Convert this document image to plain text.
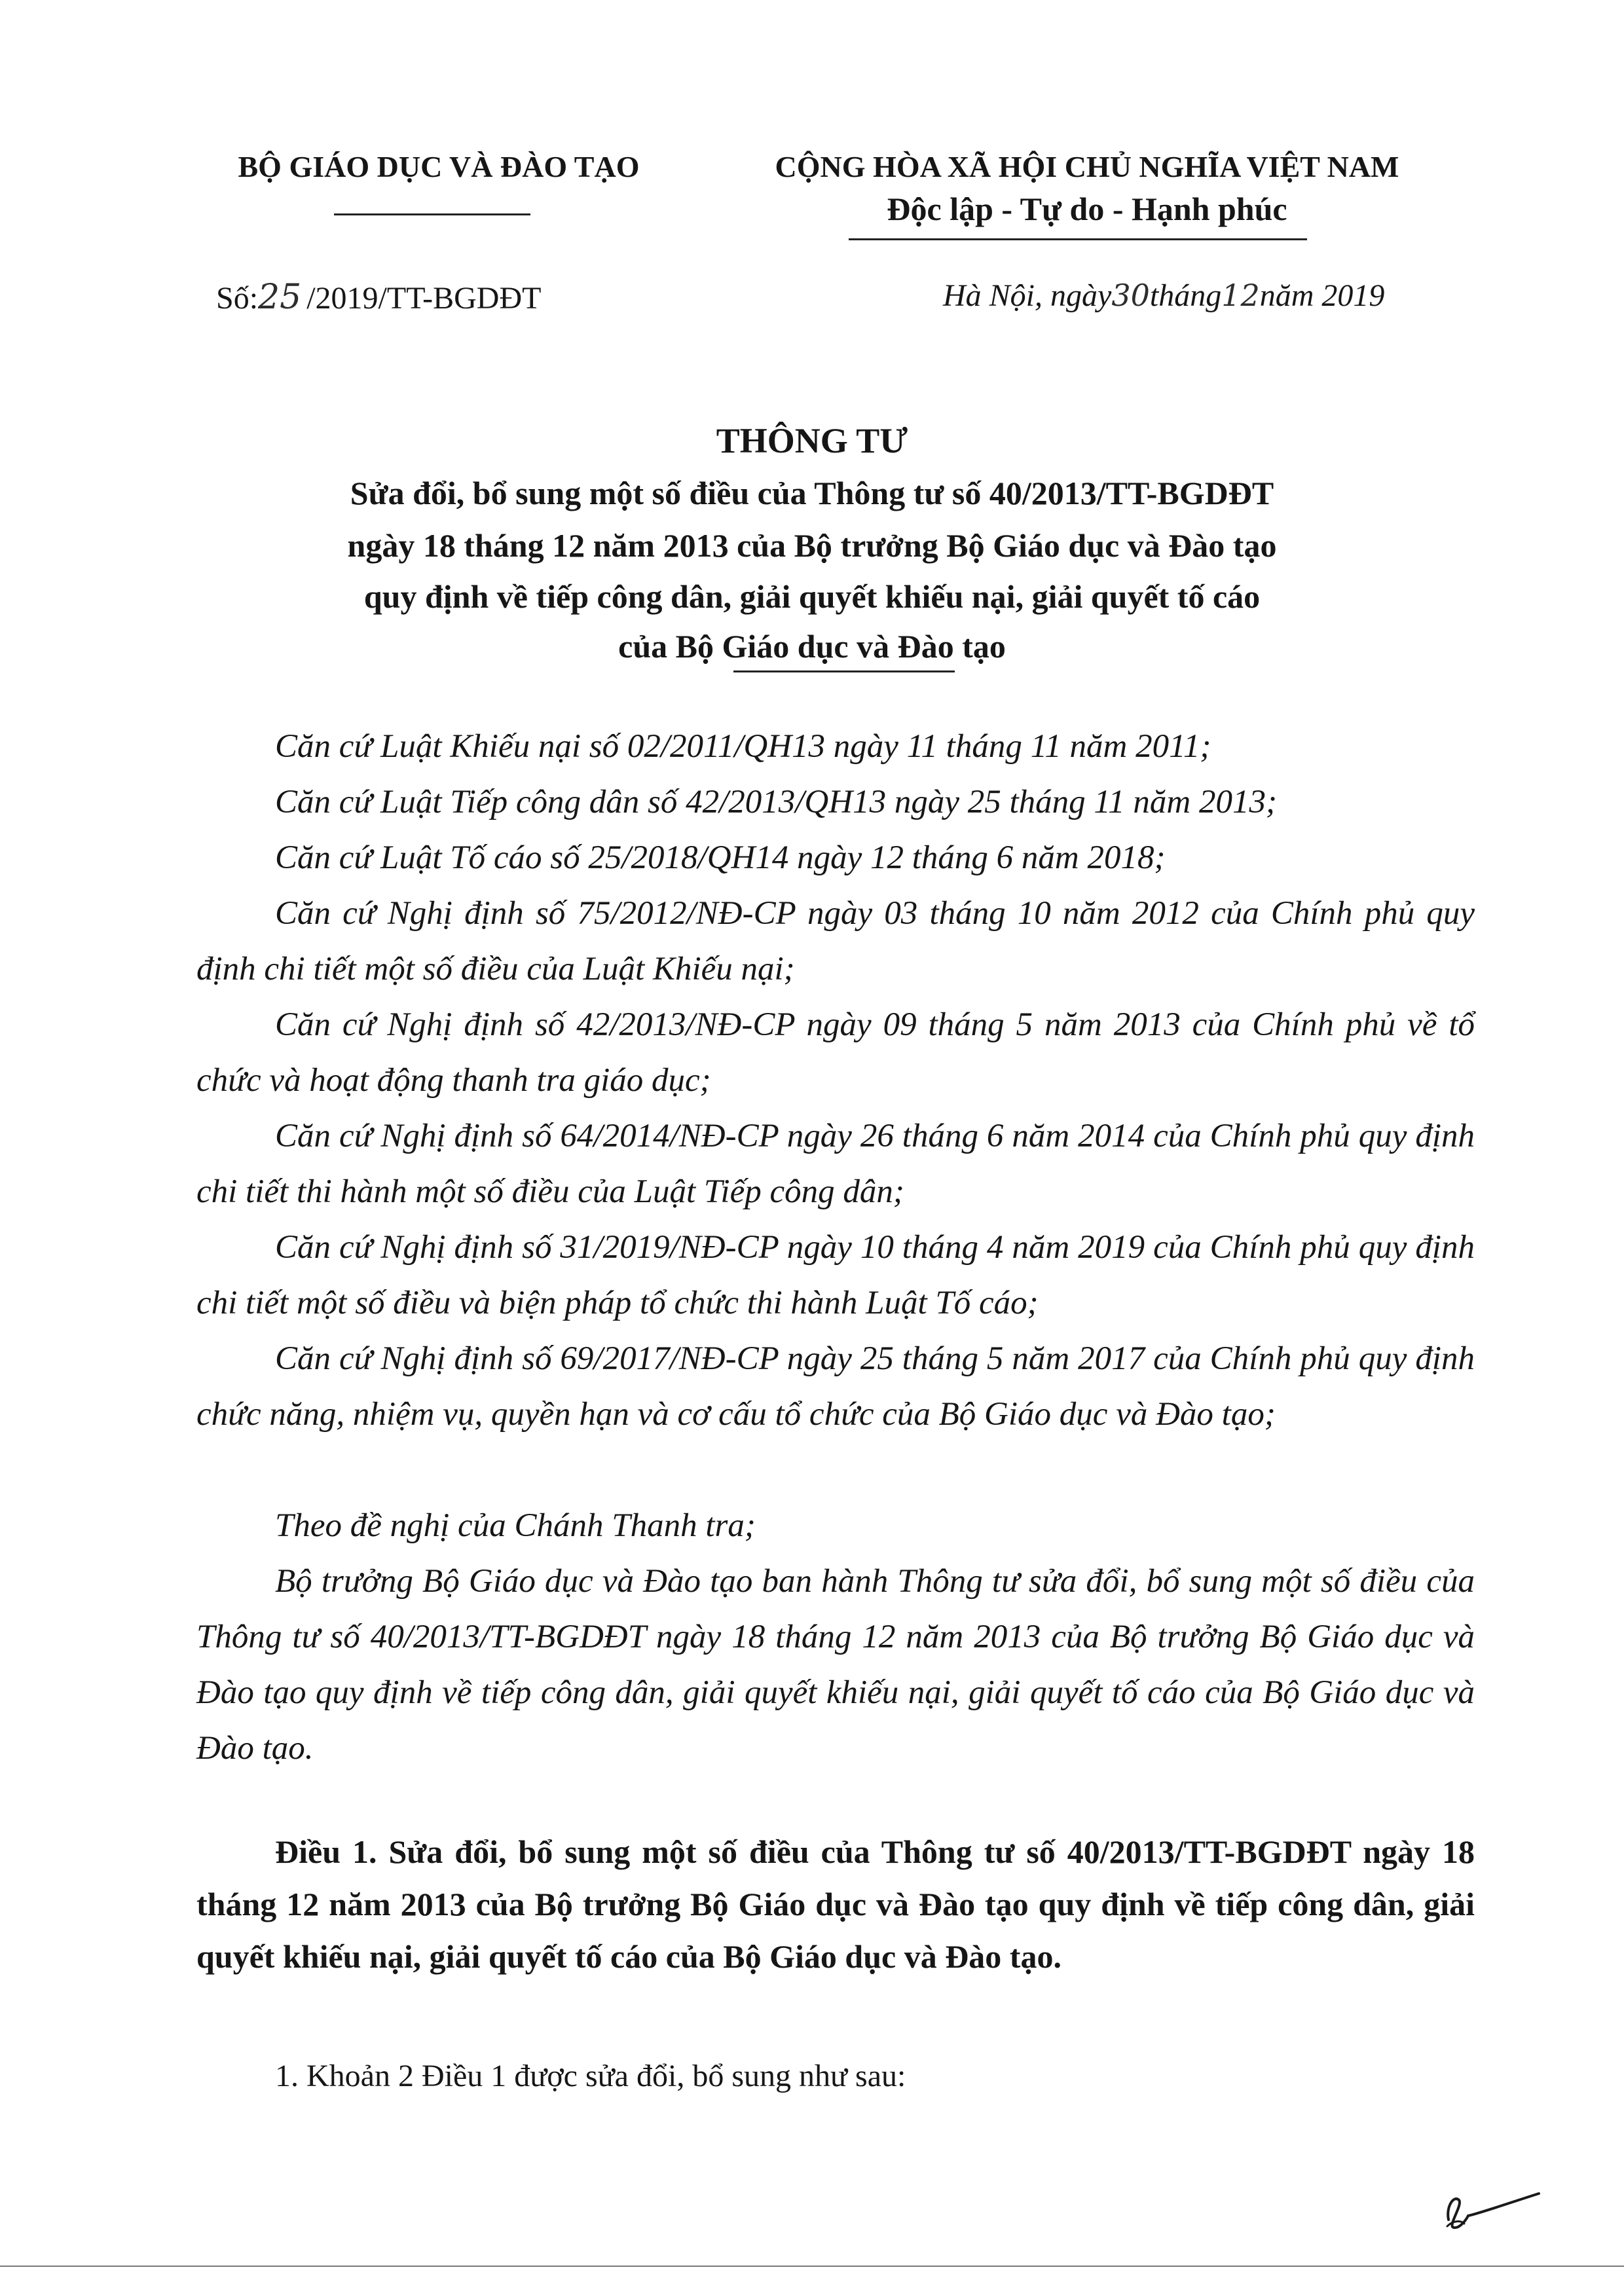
BỘ GIÁO DỤC VÀ ĐÀO TẠO	CỘNG HÒA XÃ HỘI CHỦ NGHĨA VIỆT NAM
Độc lập - Tự do - Hạnh phúc
Số:25 /2019/TT-BGDĐT	Hà Nội, ngày30tháng12năm 2019
THÔNG TƯ
Sửa đổi, bổ sung một số điều của Thông tư số 40/2013/TT-BGDĐT
ngày 18 tháng 12 năm 2013 của Bộ trưởng Bộ Giáo dục và Đào tạo
quy định về tiếp công dân, giải quyết khiếu nại, giải quyết tố cáo
của Bộ Giáo dục và Đào tạo

Căn cứ Luật Khiếu nại số 02/2011/QH13 ngày 11 tháng 11 năm 2011;

Căn cứ Luật Tiếp công dân số 42/2013/QH13 ngày 25 tháng 11 năm 2013;

Căn cứ Luật Tố cáo số 25/2018/QH14 ngày 12 tháng 6 năm 2018;

Căn cứ Nghị định số 75/2012/NĐ-CP ngày 03 tháng 10 năm 2012 của Chính phủ quy định chi tiết một số điều của Luật Khiếu nại;

Căn cứ Nghị định số 42/2013/NĐ-CP ngày 09 tháng 5 năm 2013 của Chính phủ về tổ chức và hoạt động thanh tra giáo dục;

Căn cứ Nghị định số 64/2014/NĐ-CP ngày 26 tháng 6 năm 2014 của Chính phủ quy định chi tiết thi hành một số điều của Luật Tiếp công dân;

Căn cứ Nghị định số 31/2019/NĐ-CP ngày 10 tháng 4 năm 2019 của Chính phủ quy định chi tiết một số điều và biện pháp tổ chức thi hành Luật Tố cáo;

Căn cứ Nghị định số 69/2017/NĐ-CP ngày 25 tháng 5 năm 2017 của Chính phủ quy định chức năng, nhiệm vụ, quyền hạn và cơ cấu tổ chức của Bộ Giáo dục và Đào tạo;

Theo đề nghị của Chánh Thanh tra;

Bộ trưởng Bộ Giáo dục và Đào tạo ban hành Thông tư sửa đổi, bổ sung một số điều của Thông tư số 40/2013/TT-BGDĐT ngày 18 tháng 12 năm 2013 của Bộ trưởng Bộ Giáo dục và Đào tạo quy định về tiếp công dân, giải quyết khiếu nại, giải quyết tố cáo của Bộ Giáo dục và Đào tạo.

Điều 1. Sửa đổi, bổ sung một số điều của Thông tư số 40/2013/TT-BGDĐT ngày 18 tháng 12 năm 2013 của Bộ trưởng Bộ Giáo dục và Đào tạo quy định về tiếp công dân, giải quyết khiếu nại, giải quyết tố cáo của Bộ Giáo dục và Đào tạo.

1. Khoản 2 Điều 1 được sửa đổi, bổ sung như sau:
